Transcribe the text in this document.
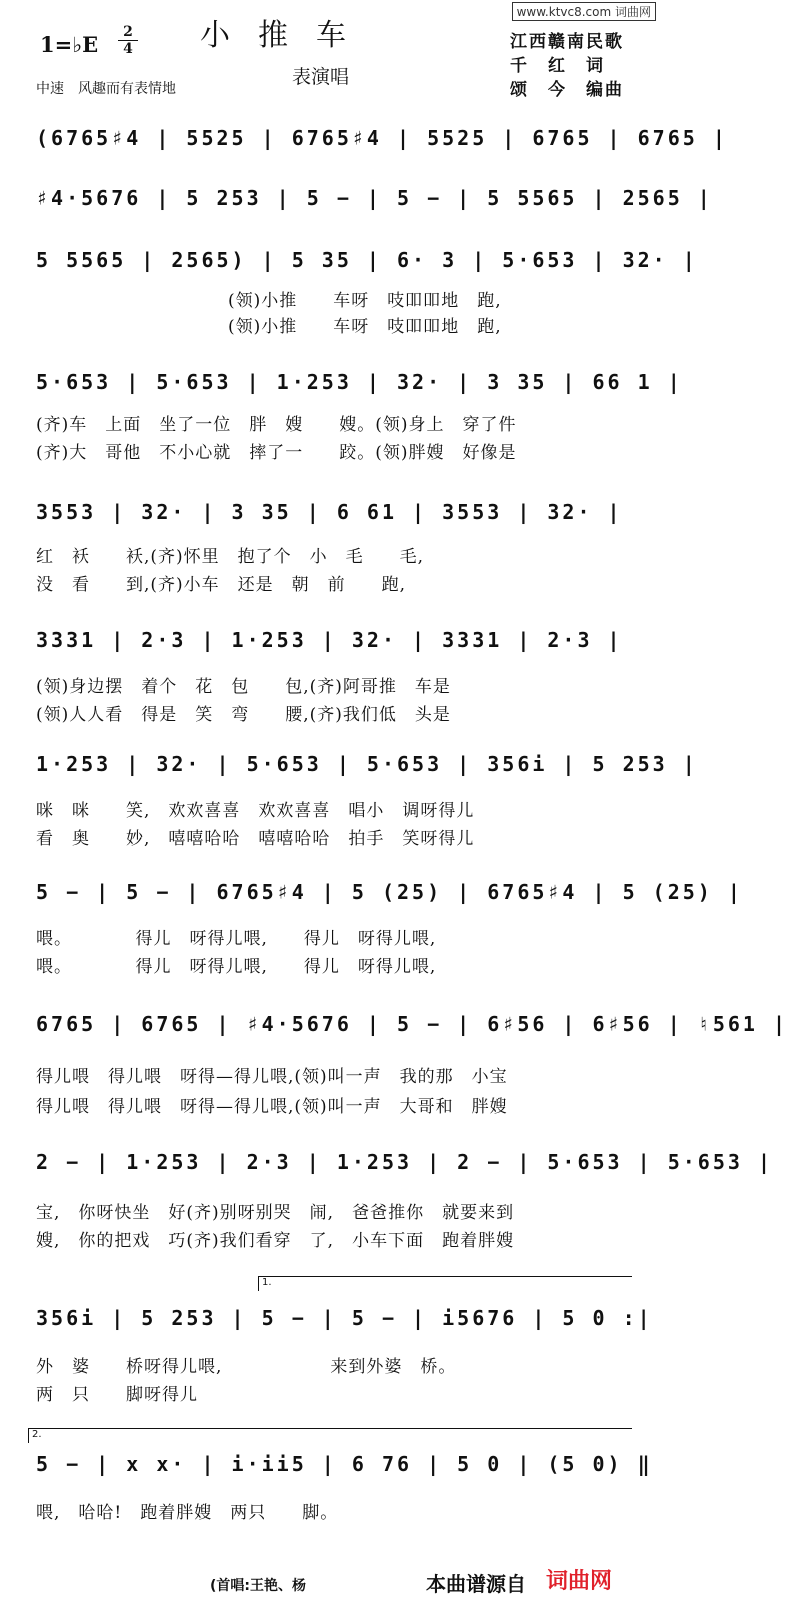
www.ktvc8.com 词曲网
1=♭E	2
4 小推车
表演唱
中速　风趣而有表情地
江西赣南民歌
千　红　词
颂　今　编曲
(6765♯4 | 5525 | 6765♯4 | 5525 | 6765 | 6765 |
♯4·5676 | 5 253 | 5 − | 5 − | 5 5565 | 2565 |
5 5565 | 2565) | 5 35 | 6· 3 | 5·653 | 32· |
(领)小推　　车呀　吱吅吅地　跑,
(领)小推　　车呀　吱吅吅地　跑,
5·653 | 5·653 | 1·253 | 32· | 3 35 | 66 1 |
(齐)车　上面　坐了一位　胖　嫂　　嫂。(领)身上　穿了件
(齐)大　哥他　不小心就　摔了一　　跤。(领)胖嫂　好像是
3553 | 32· | 3 35 | 6 61 | 3553 | 32· |
红　袄　　袄,(齐)怀里　抱了个　小　毛　　毛,
没　看　　到,(齐)小车　还是　朝　前　　跑,
3331 | 2·3 | 1·253 | 32· | 3331 | 2·3 |
(领)身边摆　着个　花　包　　包,(齐)阿哥推　车是
(领)人人看　得是　笑　弯　　腰,(齐)我们低　头是
1·253 | 32· | 5·653 | 5·653 | 356i | 5 253 |
咪　咪　　笑,　欢欢喜喜　欢欢喜喜　唱小　调呀得儿
看　奥　　妙,　嘻嘻哈哈　嘻嘻哈哈　拍手　笑呀得儿
5 − | 5 − | 6765♯4 | 5 (25) | 6765♯4 | 5 (25) |
喂。　　　　得儿　呀得儿喂,　　得儿　呀得儿喂,
喂。　　　　得儿　呀得儿喂,　　得儿　呀得儿喂,
6765 | 6765 | ♯4·5676 | 5 − | 6♯56 | 6♯56 | ♮561 |
得儿喂　得儿喂　呀得—得儿喂,(领)叫一声　我的那　小宝
得儿喂　得儿喂　呀得—得儿喂,(领)叫一声　大哥和　胖嫂
2 − | 1·253 | 2·3 | 1·253 | 2 − | 5·653 | 5·653 |
宝,　你呀快坐　好(齐)别呀别哭　闹,　爸爸推你　就要来到
嫂,　你的把戏　巧(齐)我们看穿　了,　小车下面　跑着胖嫂
1.
356i | 5 253 | 5 − | 5 − | i5676 | 5 0 :|
外　婆　　桥呀得儿喂,　　　　　　来到外婆　桥。
两　只　　脚呀得儿
2.
5 − | x x· | i·ii5 | 6 76 | 5 0 | (5 0) ‖
喂,　哈哈!　跑着胖嫂　两只　　脚。
(首唱:王艳、杨	本曲谱源自 词曲网
